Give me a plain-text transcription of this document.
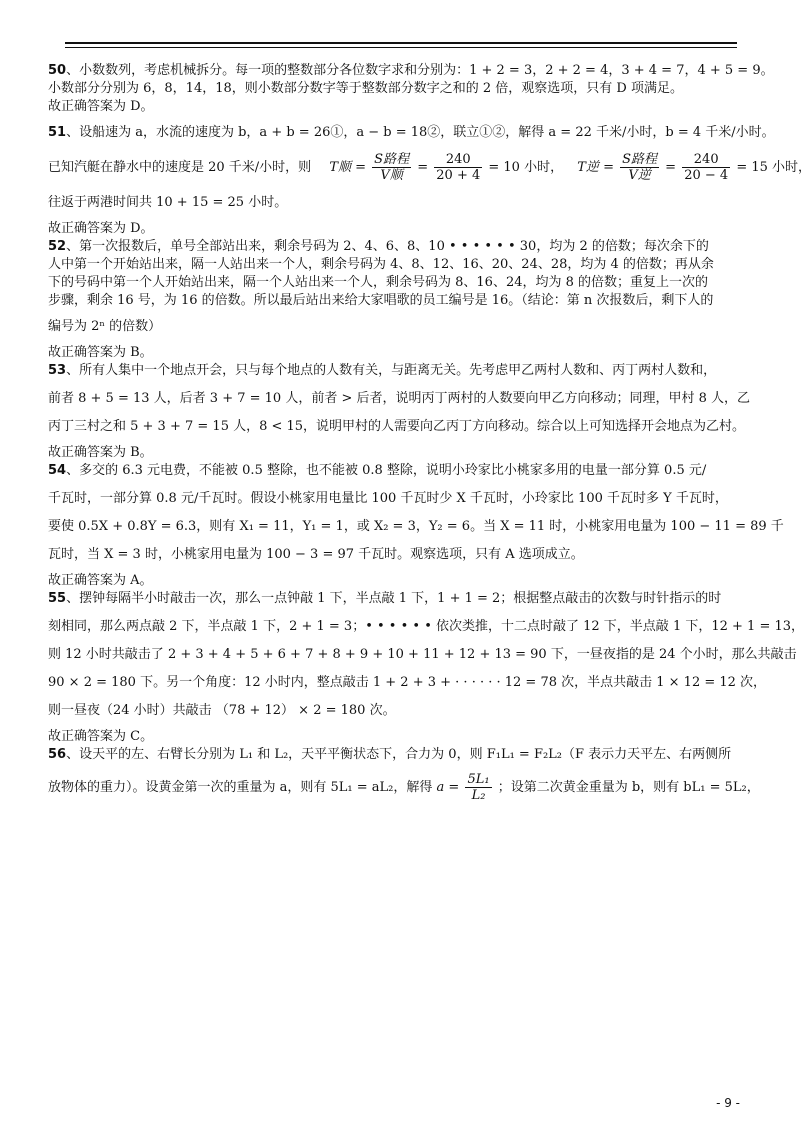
50、小数数列，考虑机械拆分。每一项的整数部分各位数字求和分别为：1 + 2 = 3，2 + 2 = 4，3 + 4 = 7，4 + 5 = 9。
小数部分分别为 6，8，14，18，则小数部分数字等于整数部分数字之和的 2 倍，观察选项，只有 D 项满足。
故正确答案为 D。
51、设船速为 a，水流的速度为 b，a + b = 26①，a − b = 18②，联立①②，解得 a = 22 千米/小时，b = 4 千米/小时。
已知汽艇在静水中的速度是 20 千米/小时，则 T顺 = $\frac{\text{S路程}}{\text{V顺}} = \frac{240}{20 + 4} = 10$ 小时， T逆 = $\frac{\text{S路程}}{\text{V逆}} = \frac{240}{20 - 4} = 15$ 小时，
往返于两港时间共 10 + 15 = 25 小时。
故正确答案为 D。
52、第一次报数后，单号全部站出来，剩余号码为 2、4、6、8、10 • • • • • • 30，均为 2 的倍数；每次余下的
人中第一个开始站出来，隔一人站出来一个人，剩余号码为 4、8、12、16、20、24、28，均为 4 的倍数；再从余
下的号码中第一个人开始站出来，隔一个人站出来一个人，剩余号码为 8、16、24，均为 8 的倍数；重复上一次的
步骤，剩余 16 号，为 16 的倍数。所以最后站出来给大家唱歌的员工编号是 16。（结论：第 n 次报数后，剩下人的
编号为 2ⁿ 的倍数）
故正确答案为 B。
53、所有人集中一个地点开会，只与每个地点的人数有关，与距离无关。先考虑甲乙两村人数和、丙丁两村人数和，
前者 8 + 5 = 13 人，后者 3 + 7 = 10 人，前者 > 后者，说明丙丁两村的人数要向甲乙方向移动；同理，甲村 8 人，乙
丙丁三村之和 5 + 3 + 7 = 15 人，8 < 15，说明甲村的人需要向乙丙丁方向移动。综合以上可知选择开会地点为乙村。
故正确答案为 B。
54、多交的 6.3 元电费，不能被 0.5 整除，也不能被 0.8 整除，说明小玲家比小桃家多用的电量一部分算 0.5 元/
千瓦时，一部分算 0.8 元/千瓦时。假设小桃家用电量比 100 千瓦时少 X 千瓦时，小玲家比 100 千瓦时多 Y 千瓦时，
要使 0.5X + 0.8Y = 6.3，则有 X₁ = 11，Y₁ = 1，或 X₂ = 3，Y₂ = 6。当 X = 11 时，小桃家用电量为 100 − 11 = 89 千
瓦时，当 X = 3 时，小桃家用电量为 100 − 3 = 97 千瓦时。观察选项，只有 A 选项成立。
故正确答案为 A。
55、摆钟每隔半小时敲击一次，那么一点钟敲 1 下，半点敲 1 下，1 + 1 = 2；根据整点敲击的次数与时针指示的时
刻相同，那么两点敲 2 下，半点敲 1 下，2 + 1 = 3；• • • • • • 依次类推，十二点时敲了 12 下，半点敲 1 下，12 + 1 = 13，
则 12 小时共敲击了 2 + 3 + 4 + 5 + 6 + 7 + 8 + 9 + 10 + 11 + 12 + 13 = 90 下，一昼夜指的是 24 个小时，那么共敲击
90 × 2 = 180 下。另一个角度：12 小时内，整点敲击 1 + 2 + 3 + · · · · · · 12 = 78 次，半点共敲击 1 × 12 = 12 次，
则一昼夜（24 小时）共敲击 （78 + 12） × 2 = 180 次。
故正确答案为 C。
56、设天平的左、右臂长分别为 L₁ 和 L₂，天平平衡状态下，合力为 0，则 F₁L₁ = F₂L₂（F 表示力天平左、右两侧所
放物体的重力）。设黄金第一次的重量为 a，则有 5L₁ = aL₂，解得 $a = \frac{\text{5L₁}}{\text{L₂}}$ ；设第二次黄金重量为 b，则有 bL₁ = 5L₂，
- 9 -
